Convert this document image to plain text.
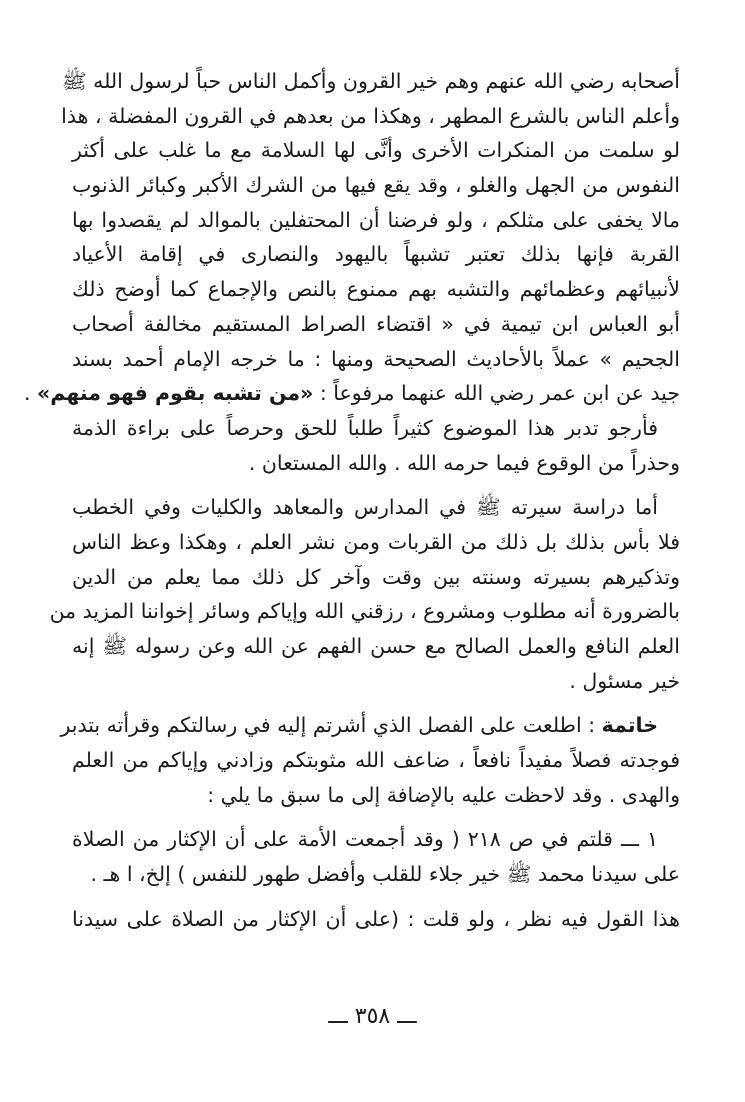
أصحابه رضي الله عنهم وهم خير القرون وأكمل الناس حباً لرسول الله ﷺ
وأعلم الناس بالشرع المطهر ، وهكذا من بعدهم في القرون المفضلة ، هذا
لو سلمت من المنكرات الأخرى وأنَّى لها السلامة مع ما غلب على أكثر
النفوس من الجهل والغلو ، وقد يقع فيها من الشرك الأكبر وكبائر الذنوب
مالا يخفى على مثلكم ، ولو فرضنا أن المحتفلين بالموالد لم يقصدوا بها
القربة فإنها بذلك تعتبر تشبهاً باليهود والنصارى في إقامة الأعياد
لأنبيائهم وعظمائهم والتشبه بهم ممنوع بالنص والإجماع كما أوضح ذلك
أبو العباس ابن تيمية في « اقتضاء الصراط المستقيم مخالفة أصحاب
الجحيم » عملاً بالأحاديث الصحيحة ومنها : ما خرجه الإمام أحمد بسند
جيد عن ابن عمر رضي الله عنهما مرفوعاً : «من تشبه بقوم فهو منهم» .
فأرجو تدبر هذا الموضوع كثيراً طلباً للحق وحرصاً على براءة الذمة
وحذراً من الوقوع فيما حرمه الله . والله المستعان .
أما دراسة سيرته ﷺ في المدارس والمعاهد والكليات وفي الخطب
فلا بأس بذلك بل ذلك من القربات ومن نشر العلم ، وهكذا وعظ الناس
وتذكيرهم بسيرته وسنته بين وقت وآخر كل ذلك مما يعلم من الدين
بالضرورة أنه مطلوب ومشروع ، رزقني الله وإياكم وسائر إخواننا المزيد من
العلم النافع والعمل الصالح مع حسن الفهم عن الله وعن رسوله ﷺ إنه
خير مسئول .
خاتمة : اطلعت على الفصل الذي أشرتم إليه في رسالتكم وقرأته بتدبر
فوجدته فصلاً مفيداً نافعاً ، ضاعف الله مثوبتكم وزادني وإياكم من العلم
والهدى . وقد لاحظت عليه بالإضافة إلى ما سبق ما يلي :
١ ـــ قلتم في ص ٢١٨ ( وقد أجمعت الأمة على أن الإكثار من الصلاة
على سيدنا محمد ﷺ خير جلاء للقلب وأفضل طهور للنفس ) إلخ، ا هـ .
هذا القول فيه نظر ، ولو قلت : (على أن الإكثار من الصلاة على سيدنا
ـــ ٣٥٨ ـــ
